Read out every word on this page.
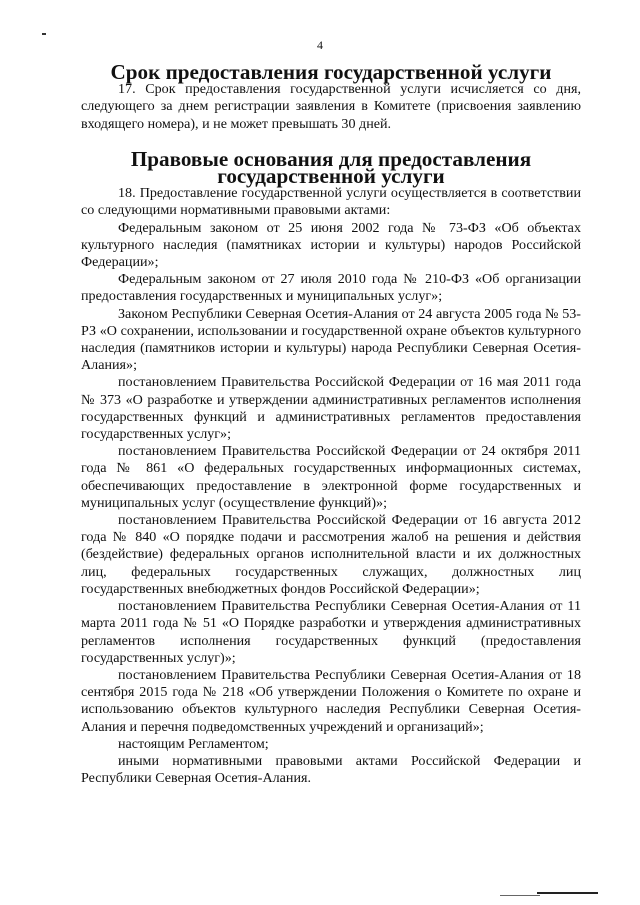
4
Срок предоставления государственной услуги

17. Срок предоставления государственной услуги исчисляется со дня, следующего за днем регистрации заявления в Комитете (присвоения заявлению входящего номера), и не может превышать 30 дней.

Правовые основания для предоставления государственной услуги

18. Предоставление государственной услуги осуществляется в соответствии со следующими нормативными правовыми актами:

Федеральным законом от 25 июня 2002 года № 73-ФЗ «Об объектах культурного наследия (памятниках истории и культуры) народов Российской Федерации»;

Федеральным законом от 27 июля 2010 года № 210-ФЗ «Об организации предоставления государственных и муниципальных услуг»;

Законом Республики Северная Осетия-Алания от 24 августа 2005 года № 53-РЗ «О сохранении, использовании и государственной охране объектов культурного наследия (памятников истории и культуры) народа Республики Северная Осетия-Алания»;

постановлением Правительства Российской Федерации от 16 мая 2011 года № 373 «О разработке и утверждении административных регламентов исполнения государственных функций и административных регламентов предоставления государственных услуг»;

постановлением Правительства Российской Федерации от 24 октября 2011 года № 861 «О федеральных государственных информационных системах, обеспечивающих предоставление в электронной форме государственных и муниципальных услуг (осуществление функций)»;

постановлением Правительства Российской Федерации от 16 августа 2012 года № 840 «О порядке подачи и рассмотрения жалоб на решения и действия (бездействие) федеральных органов исполнительной власти и их должностных лиц, федеральных государственных служащих, должностных лиц государственных внебюджетных фондов Российской Федерации»;

постановлением Правительства Республики Северная Осетия-Алания от 11 марта 2011 года № 51 «О Порядке разработки и утверждения административных регламентов исполнения государственных функций (предоставления государственных услуг)»;

постановлением Правительства Республики Северная Осетия-Алания от 18 сентября 2015 года № 218 «Об утверждении Положения о Комитете по охране и использованию объектов культурного наследия Республики Северная Осетия-Алания и перечня подведомственных учреждений и организаций»;

настоящим Регламентом;

иными нормативными правовыми актами Российской Федерации и Республики Северная Осетия-Алания.
